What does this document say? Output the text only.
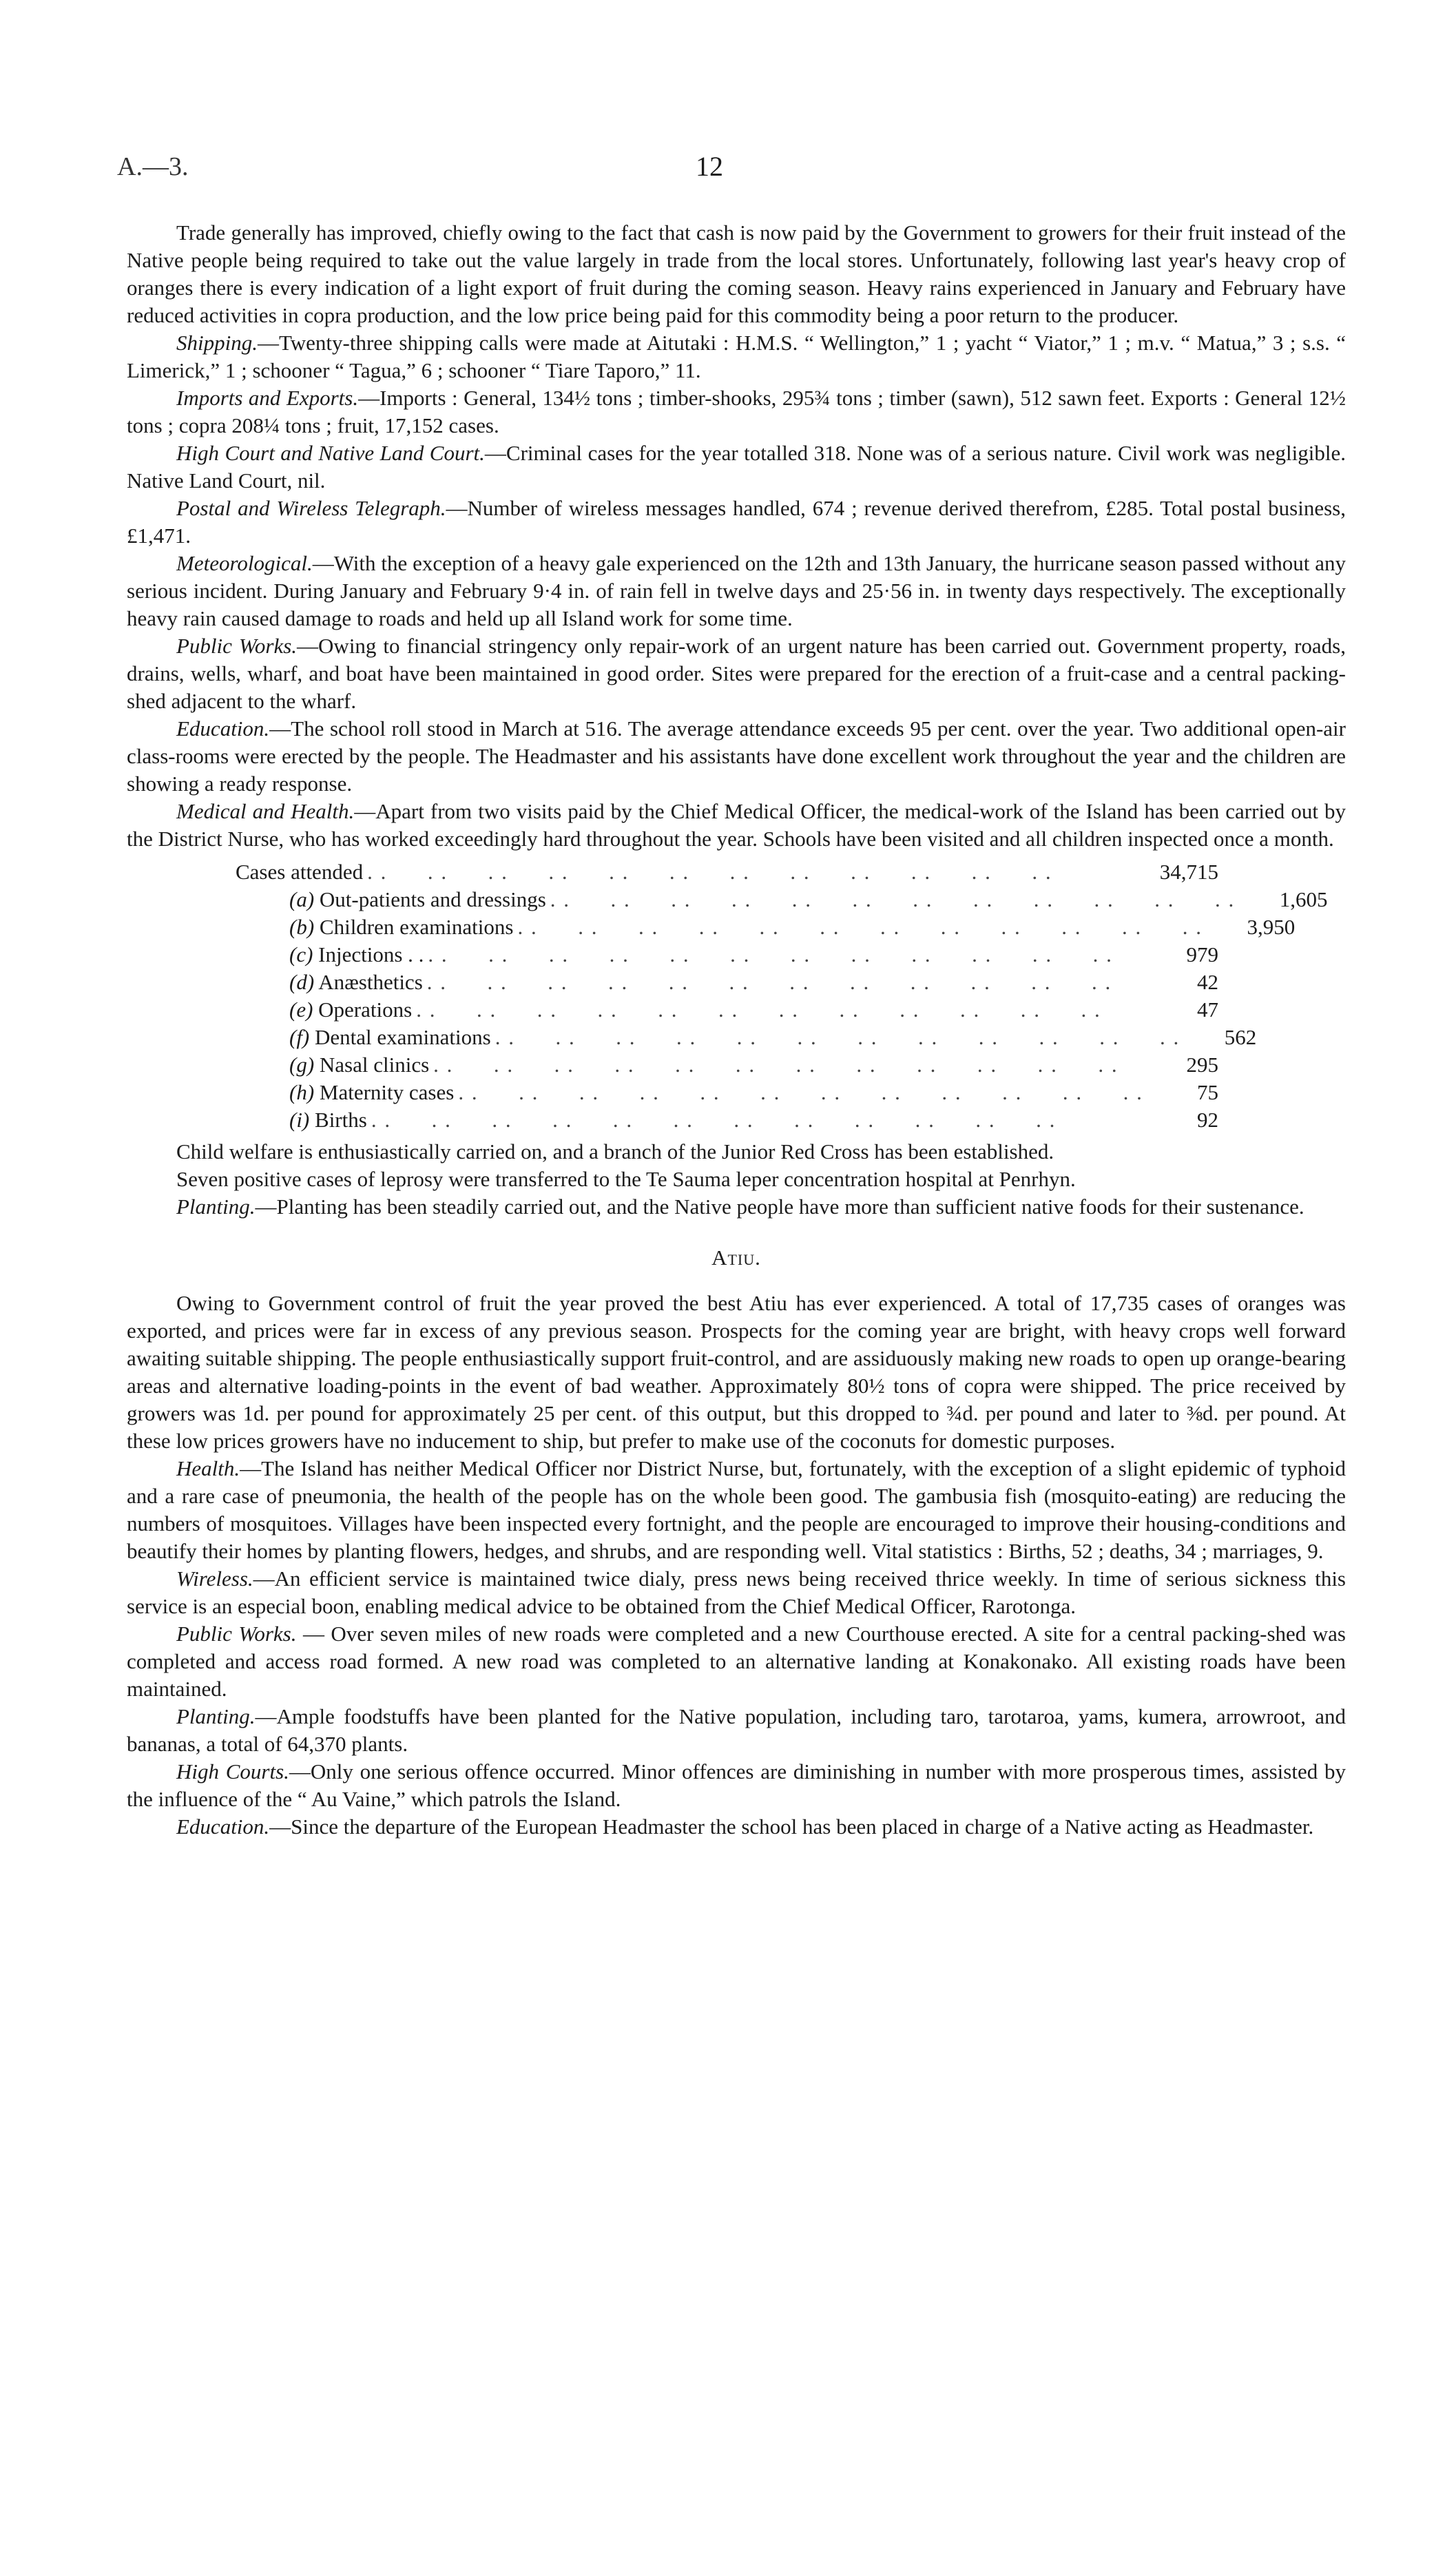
A.—3.	12

Trade generally has improved, chiefly owing to the fact that cash is now paid by the Government to growers for their fruit instead of the Native people being required to take out the value largely in trade from the local stores. Unfortunately, following last year's heavy crop of oranges there is every indication of a light export of fruit during the coming season. Heavy rains experienced in January and February have reduced activities in copra production, and the low price being paid for this commodity being a poor return to the producer.

Shipping.—Twenty-three shipping calls were made at Aitutaki : H.M.S. “ Wellington,” 1 ; yacht “ Viator,” 1 ; m.v. “ Matua,” 3 ; s.s. “ Limerick,” 1 ; schooner “ Tagua,” 6 ; schooner “ Tiare Taporo,” 11.

Imports and Exports.—Imports : General, 134½ tons ; timber-shooks, 295¾ tons ; timber (sawn), 512 sawn feet. Exports : General 12½ tons ; copra 208¼ tons ; fruit, 17,152 cases.

High Court and Native Land Court.—Criminal cases for the year totalled 318. None was of a serious nature. Civil work was negligible. Native Land Court, nil.

Postal and Wireless Telegraph.—Number of wireless messages handled, 674 ; revenue derived therefrom, £285. Total postal business, £1,471.

Meteorological.—With the exception of a heavy gale experienced on the 12th and 13th January, the hurricane season passed without any serious incident. During January and February 9·4 in. of rain fell in twelve days and 25·56 in. in twenty days respectively. The exceptionally heavy rain caused damage to roads and held up all Island work for some time.

Public Works.—Owing to financial stringency only repair-work of an urgent nature has been carried out. Government property, roads, drains, wells, wharf, and boat have been maintained in good order. Sites were prepared for the erection of a fruit-case and a central packing-shed adjacent to the wharf.

Education.—The school roll stood in March at 516. The average attendance exceeds 95 per cent. over the year. Two additional open-air class-rooms were erected by the people. The Headmaster and his assistants have done excellent work throughout the year and the children are showing a ready response.

Medical and Health.—Apart from two visits paid by the Chief Medical Officer, the medical-work of the Island has been carried out by the District Nurse, who has worked exceedingly hard throughout the year. Schools have been visited and all children inspected once a month.

Cases attended . .      . .      . .      . .      . .      . .      . .      . .      . .      . .      . .      . .	34,715
(a) Out-patients and dressings . .      . .      . .      . .      . .      . .      . .      . .      . .      . .      . .      . . 1,605
(b) Children examinations . .      . .      . .      . .      . .      . .      . .      . .      . .      . .      . .      . . 3,950
(c) Injections . . . .      . .      . .      . .      . .      . .      . .      . .      . .      . .      . .      . .	979
(d) Anæsthetics . .      . .      . .      . .      . .      . .      . .      . .      . .      . .      . .      . .	42
(e) Operations . .      . .      . .      . .      . .      . .      . .      . .      . .      . .      . .      . .	47
(f) Dental examinations . .      . .      . .      . .      . .      . .      . .      . .      . .      . .      . .      . . 562
(g) Nasal clinics . .      . .      . .      . .      . .      . .      . .      . .      . .      . .      . .      . .	295
(h) Maternity cases . .      . .      . .      . .      . .      . .      . .      . .      . .      . .      . .      . . 75
(i) Births . .      . .      . .      . .      . .      . .      . .      . .      . .      . .      . .      . .	92

Child welfare is enthusiastically carried on, and a branch of the Junior Red Cross has been established.

Seven positive cases of leprosy were transferred to the Te Sauma leper concentration hospital at Penrhyn.

Planting.—Planting has been steadily carried out, and the Native people have more than sufficient native foods for their sustenance.

Atiu.

Owing to Government control of fruit the year proved the best Atiu has ever experienced. A total of 17,735 cases of oranges was exported, and prices were far in excess of any previous season. Prospects for the coming year are bright, with heavy crops well forward awaiting suitable shipping. The people enthusiastically support fruit-control, and are assiduously making new roads to open up orange-bearing areas and alternative loading-points in the event of bad weather. Approximately 80½ tons of copra were shipped. The price received by growers was 1d. per pound for approximately 25 per cent. of this output, but this dropped to ¾d. per pound and later to ⅜d. per pound. At these low prices growers have no inducement to ship, but prefer to make use of the coconuts for domestic purposes.

Health.—The Island has neither Medical Officer nor District Nurse, but, fortunately, with the exception of a slight epidemic of typhoid and a rare case of pneumonia, the health of the people has on the whole been good. The gambusia fish (mosquito-eating) are reducing the numbers of mosquitoes. Villages have been inspected every fortnight, and the people are encouraged to improve their housing-conditions and beautify their homes by planting flowers, hedges, and shrubs, and are responding well. Vital statistics : Births, 52 ; deaths, 34 ; marriages, 9.

Wireless.—An efficient service is maintained twice dialy, press news being received thrice weekly. In time of serious sickness this service is an especial boon, enabling medical advice to be obtained from the Chief Medical Officer, Rarotonga.

Public Works. — Over seven miles of new roads were completed and a new Courthouse erected. A site for a central packing-shed was completed and access road formed. A new road was completed to an alternative landing at Konakonako. All existing roads have been maintained.

Planting.—Ample foodstuffs have been planted for the Native population, including taro, tarotaroa, yams, kumera, arrowroot, and bananas, a total of 64,370 plants.

High Courts.—Only one serious offence occurred. Minor offences are diminishing in number with more prosperous times, assisted by the influence of the “ Au Vaine,” which patrols the Island.

Education.—Since the departure of the European Headmaster the school has been placed in charge of a Native acting as Headmaster.
